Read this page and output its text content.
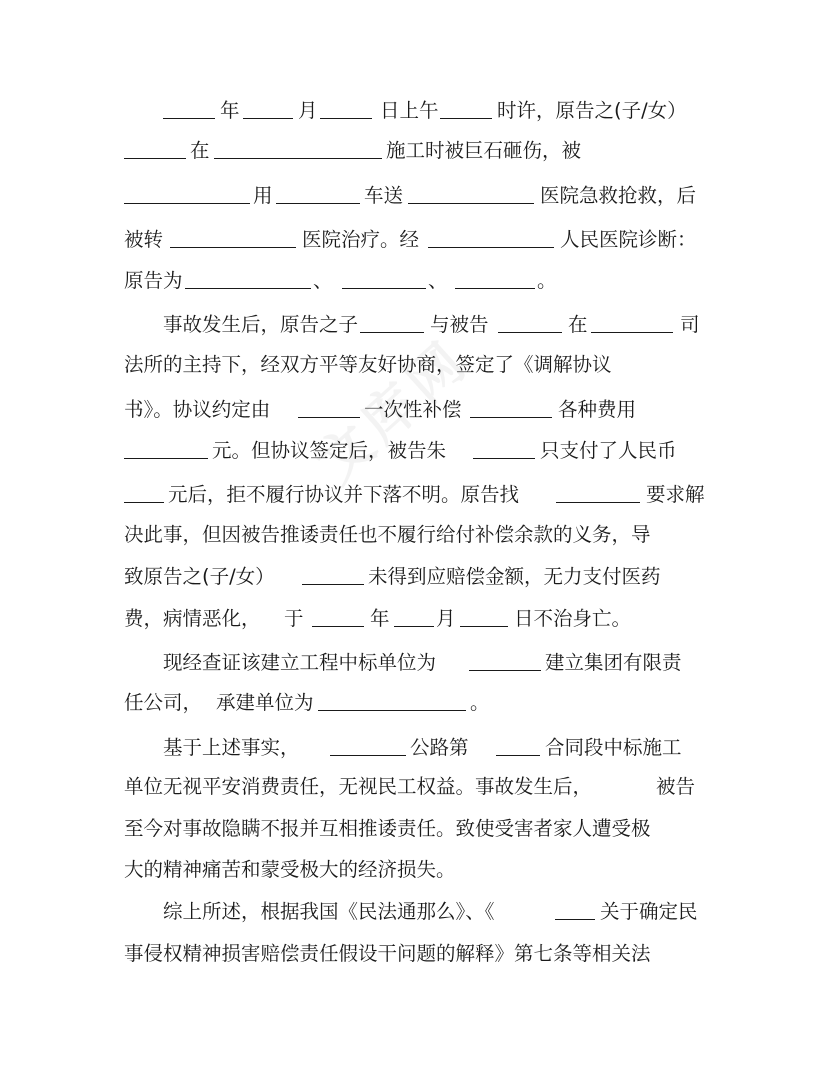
年	月	日上午	时许，原告之(子/女）
在	施工时被巨石砸伤，被
用	车送	医院急救抢救，后
被转	医院治疗。经	人民医院诊断：
原告为	、	、	。
事故发生后，原告之子	与被告	在	司
法所的主持下，经双方平等友好协商，签定了《调解协议
书》。协议约定由	一次性补偿	各种费用
元。但协议签定后，被告朱	只支付了人民币
元后，拒不履行协议并下落不明。原告找	要求解
决此事，但因被告推诿责任也不履行给付补偿余款的义务，导
致原告之(子/女）	未得到应赔偿金额，无力支付医药
费，病情恶化， 于	年 月	日不治身亡。
现经查证该建立工程中标单位为	建立集团有限责
任公司， 承建单位为	。
基于上述事实，	公路第	合同段中标施工
单位无视平安消费责任，无视民工权益。事故发生后，	被告
至今对事故隐瞒不报并互相推诿责任。致使受害者家人遭受极
大的精神痛苦和蒙受极大的经济损失。
综上所述，根据我国《民法通那么》、《	关于确定民
事侵权精神损害赔偿责任假设干问题的解释》第七条等相关法
